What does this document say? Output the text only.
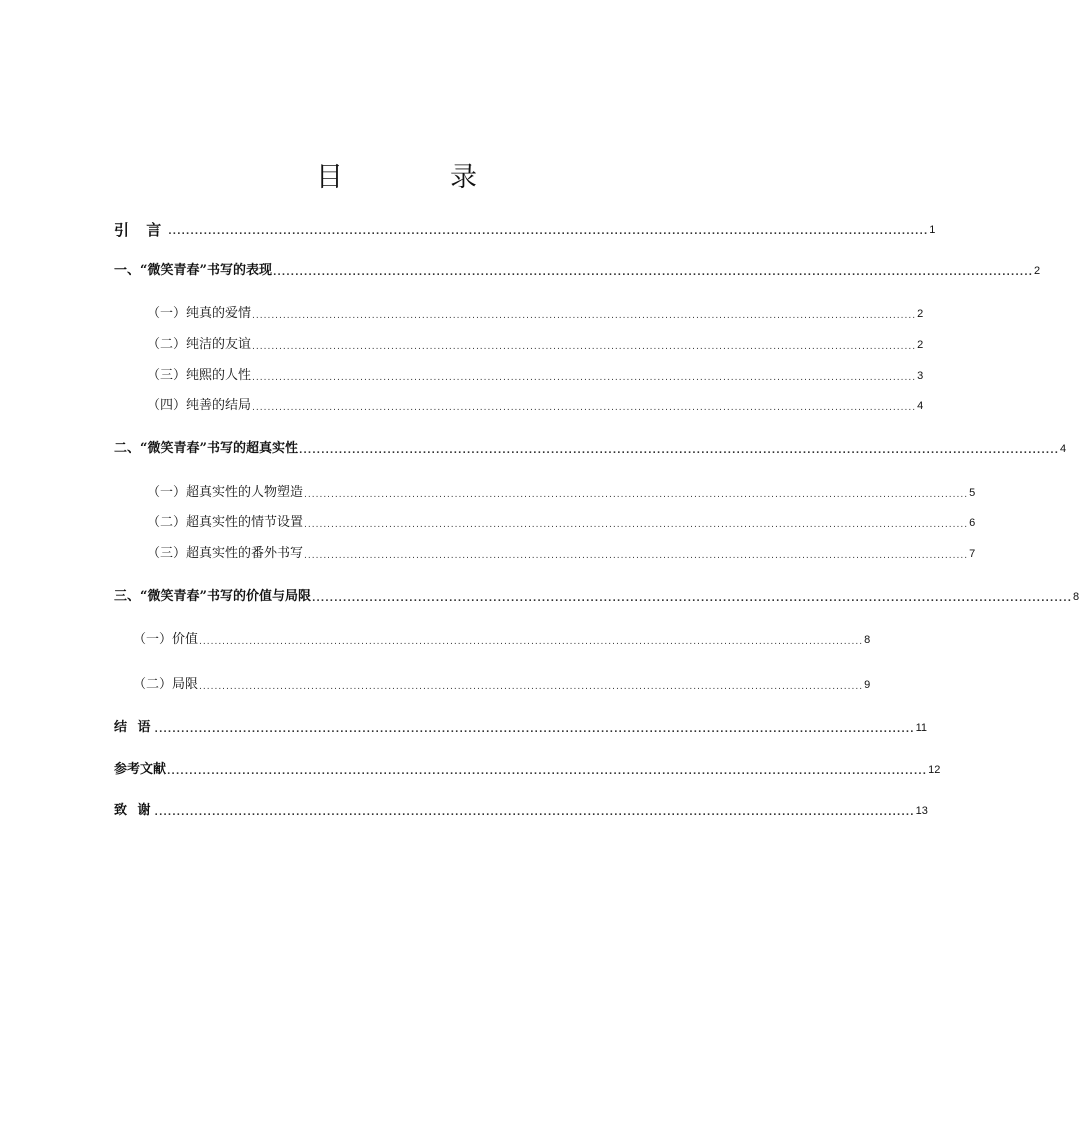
目　录
引 言 ............................................................................................................................................................................ 1
一、“微笑青春”书写的表现 ............................................................................................................................................................................ 2
（一）纯真的爱情 ............................................................................................................................................................................ 2
（二）纯洁的友谊 ............................................................................................................................................................................ 2
（三）纯熙的人性 ............................................................................................................................................................................ 3
（四）纯善的结局 ............................................................................................................................................................................ 4
二、“微笑青春”书写的超真实性 ............................................................................................................................................................................ 4
（一）超真实性的人物塑造 ............................................................................................................................................................................ 5
（二）超真实性的情节设置 ............................................................................................................................................................................ 6
（三）超真实性的番外书写 ............................................................................................................................................................................ 7
三、“微笑青春”书写的价值与局限 ............................................................................................................................................................................ 8
（一）价值 ............................................................................................................................................................................ 8
（二）局限 ............................................................................................................................................................................ 9
结 语 ............................................................................................................................................................................ 11
参考文献 ............................................................................................................................................................................ 12
致 谢 ............................................................................................................................................................................ 13
